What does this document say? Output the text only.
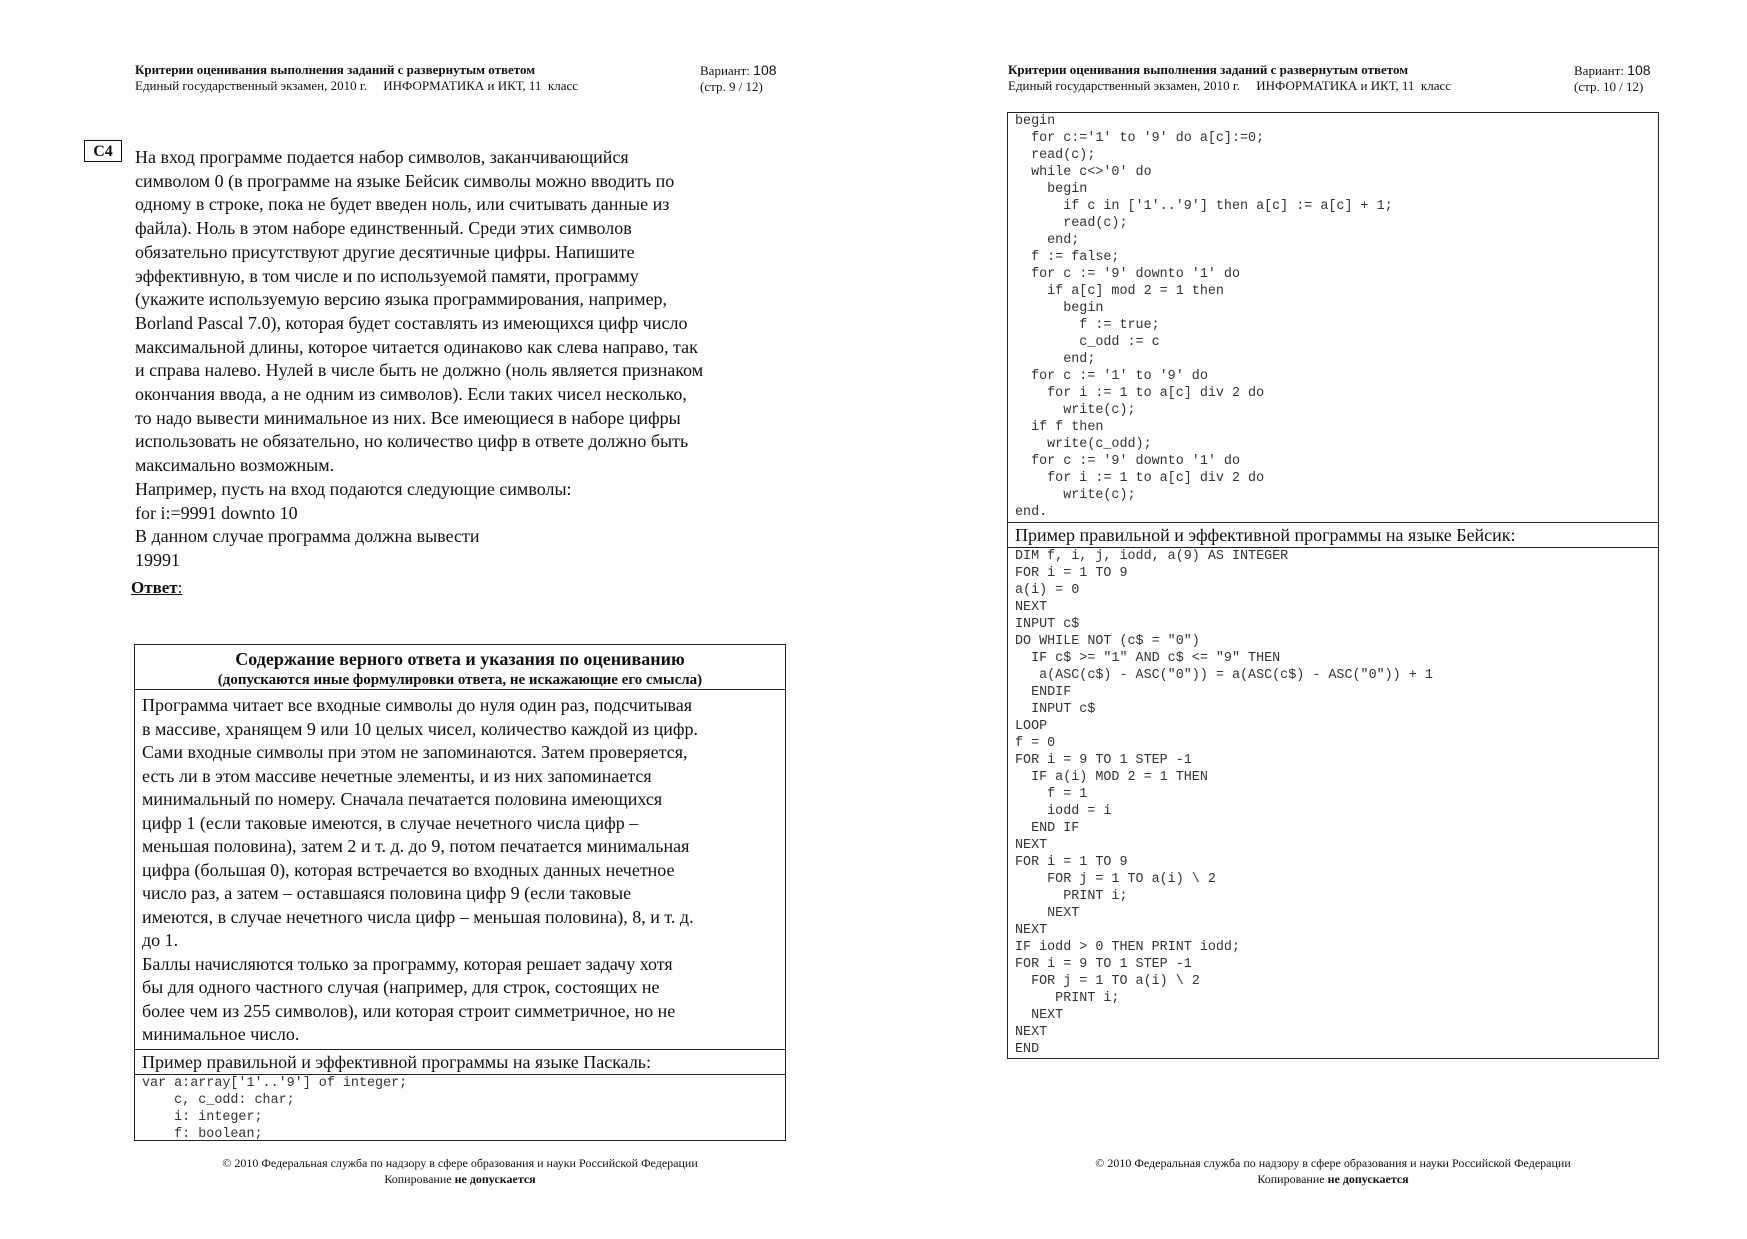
Критерии оценивания выполнения заданий с развернутым ответом
Единый государственный экзамен, 2010 г.     ИНФОРМАТИКА и ИКТ, 11  класс
Вариант: 108
(стр. 9 / 12)
С4	На вход программе подается набор символов, заканчивающийся
символом 0 (в программе на языке Бейсик символы можно вводить по
одному в строке, пока не будет введен ноль, или считывать данные из
файла). Ноль в этом наборе единственный. Среди этих символов
обязательно присутствуют другие десятичные цифры. Напишите
эффективную, в том числе и по используемой памяти, программу
(укажите используемую версию языка программирования, например,
Borland Pascal 7.0), которая будет составлять из имеющихся цифр число
максимальной длины, которое читается одинаково как слева направо, так
и справа налево. Нулей в числе быть не должно (ноль является признаком
окончания ввода, а не одним из символов). Если таких чисел несколько,
то надо вывести минимальное из них. Все имеющиеся в наборе цифры
использовать не обязательно, но количество цифр в ответе должно быть
максимально возможным.
Например, пусть на вход подаются следующие символы:
for i:=9991 downto 10
В данном случае программа должна вывести
19991
Ответ:
Содержание верного ответа и указания по оцениванию
(допускаются иные формулировки ответа, не искажающие его смысла)
Программа читает все входные символы до нуля один раз, подсчитывая
в массиве, хранящем 9 или 10 целых чисел, количество каждой из цифр.
Сами входные символы при этом не запоминаются. Затем проверяется,
есть ли в этом массиве нечетные элементы, и из них запоминается
минимальный по номеру. Сначала печатается половина имеющихся
цифр 1 (если таковые имеются, в случае нечетного числа цифр –
меньшая половина), затем 2 и т. д. до 9, потом печатается минимальная
цифра (большая 0), которая встречается во входных данных нечетное
число раз, а затем – оставшаяся половина цифр 9 (если таковые
имеются, в случае нечетного числа цифр – меньшая половина), 8, и т. д.
до 1.
Баллы начисляются только за программу, которая решает задачу хотя
бы для одного частного случая (например, для строк, состоящих не
более чем из 255 символов), или которая строит симметричное, но не
минимальное число.
Пример правильной и эффективной программы на языке Паскаль:
var a:array['1'..'9'] of integer;
c, c_odd: char;
i: integer;
f: boolean;
© 2010 Федеральная служба по надзору в сфере образования и науки Российской Федерации
Копирование не допускается
Критерии оценивания выполнения заданий с развернутым ответом
Единый государственный экзамен, 2010 г.     ИНФОРМАТИКА и ИКТ, 11  класс
Вариант: 108
(стр. 10 / 12)
begin
for c:='1' to '9' do a[c]:=0;
read(c);
while c<>'0' do
begin
if c in ['1'..'9'] then a[c] := a[c] + 1;
read(c);
end;
f := false;
for c := '9' downto '1' do
if a[c] mod 2 = 1 then
begin
f := true;
c_odd := c
end;
for c := '1' to '9' do
for i := 1 to a[c] div 2 do
write(c);
if f then
write(c_odd);
for c := '9' downto '1' do
for i := 1 to a[c] div 2 do
write(c);
end.
Пример правильной и эффективной программы на языке Бейсик:
DIM f, i, j, iodd, a(9) AS INTEGER
FOR i = 1 TO 9
a(i) = 0
NEXT
INPUT c$
DO WHILE NOT (c$ = "0")
IF c$ >= "1" AND c$ <= "9" THEN
a(ASC(c$) - ASC("0")) = a(ASC(c$) - ASC("0")) + 1
ENDIF
INPUT c$
LOOP
f = 0
FOR i = 9 TO 1 STEP -1
IF a(i) MOD 2 = 1 THEN
f = 1
iodd = i
END IF
NEXT
FOR i = 1 TO 9
FOR j = 1 TO a(i) \ 2
PRINT i;
NEXT
NEXT
IF iodd > 0 THEN PRINT iodd;
FOR i = 9 TO 1 STEP -1
FOR j = 1 TO a(i) \ 2
PRINT i;
NEXT
NEXT
END
© 2010 Федеральная служба по надзору в сфере образования и науки Российской Федерации
Копирование не допускается
